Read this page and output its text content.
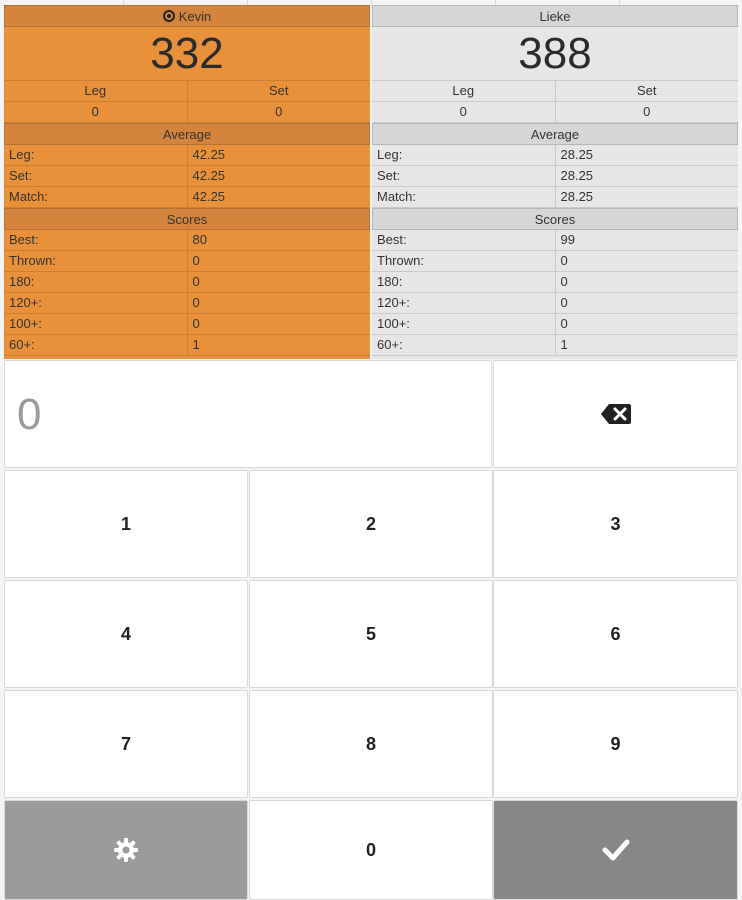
Kevin
332
Leg	Set
0	0
Average
Leg:	42.25
Set:	42.25
Match:	42.25
Scores
Best:	80
Thrown:	0
180:	0
120+:	0
100+:	0
60+:	1
Lieke
388
Leg	Set
0	0
Average
Leg:	28.25
Set:	28.25
Match:	28.25
Scores
Best:	99
Thrown:	0
180:	0
120+:	0
100+:	0
60+:	1
0
1	2	3
4	5	6
7	8	9
0
